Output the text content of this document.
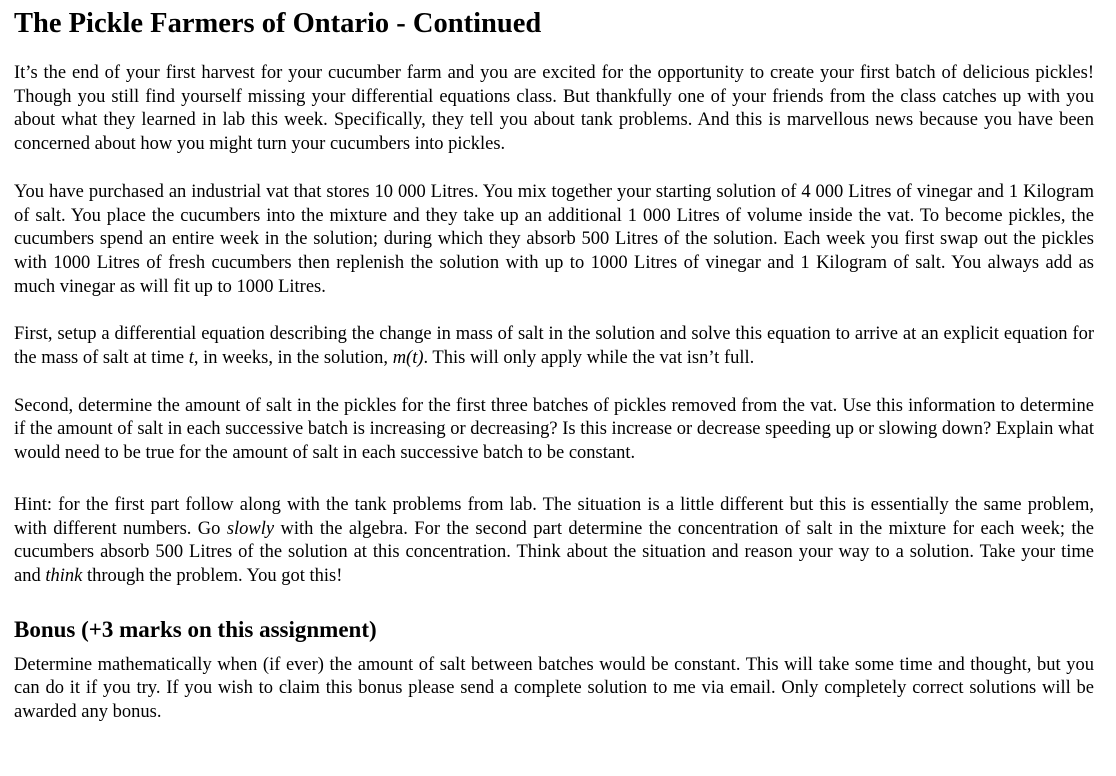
The Pickle Farmers of Ontario - Continued

It’s the end of your first harvest for your cucumber farm and you are excited for the opportunity to create your first batch of delicious pickles! Though you still find yourself missing your differential equations class. But thankfully one of your friends from the class catches up with you about what they learned in lab this week. Specifically, they tell you about tank problems. And this is marvellous news because you have been concerned about how you might turn your cucumbers into pickles.

You have purchased an industrial vat that stores 10 000 Litres. You mix together your starting solution of 4 000 Litres of vinegar and 1 Kilogram of salt. You place the cucumbers into the mixture and they take up an additional 1 000 Litres of volume inside the vat. To become pickles, the cucumbers spend an entire week in the solution; during which they absorb 500 Litres of the solution. Each week you first swap out the pickles with 1000 Litres of fresh cucumbers then replenish the solution with up to 1000 Litres of vinegar and 1 Kilogram of salt. You always add as much vinegar as will fit up to 1000 Litres.

First, setup a differential equation describing the change in mass of salt in the solution and solve this equation to arrive at an explicit equation for the mass of salt at time t, in weeks, in the solution, m(t). This will only apply while the vat isn’t full.

Second, determine the amount of salt in the pickles for the first three batches of pickles removed from the vat. Use this information to determine if the amount of salt in each successive batch is increasing or decreasing? Is this increase or decrease speeding up or slowing down? Explain what would need to be true for the amount of salt in each successive batch to be constant.

Hint: for the first part follow along with the tank problems from lab. The situation is a little different but this is essentially the same problem, with different numbers. Go slowly with the algebra. For the second part determine the concentration of salt in the mixture for each week; the cucumbers absorb 500 Litres of the solution at this concentration. Think about the situation and reason your way to a solution. Take your time and think through the problem. You got this!

Bonus (+3 marks on this assignment)

Determine mathematically when (if ever) the amount of salt between batches would be constant. This will take some time and thought, but you can do it if you try. If you wish to claim this bonus please send a complete solution to me via email. Only completely correct solutions will be awarded any bonus.
